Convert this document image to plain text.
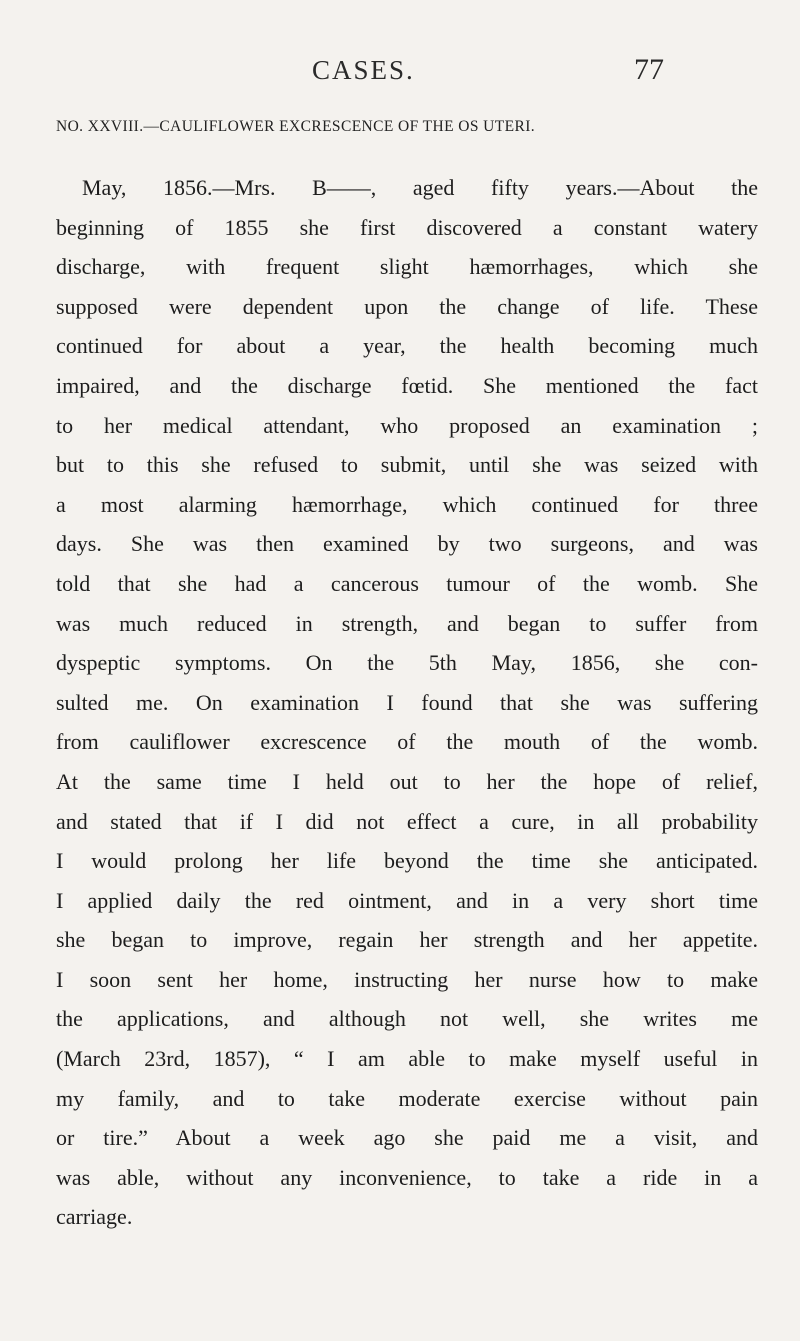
CASES.	77
NO. XXVIII.—CAULIFLOWER EXCRESCENCE OF THE OS UTERI.
May, 1856.—Mrs. B——, aged fifty years.—About the
beginning of 1855 she first discovered a constant watery
discharge, with frequent slight hæmorrhages, which she
supposed were dependent upon the change of life. These
continued for about a year, the health becoming much
impaired, and the discharge fœtid. She mentioned the fact
to her medical attendant, who proposed an examination ;
but to this she refused to submit, until she was seized with
a most alarming hæmorrhage, which continued for three
days. She was then examined by two surgeons, and was
told that she had a cancerous tumour of the womb. She
was much reduced in strength, and began to suffer from
dyspeptic symptoms. On the 5th May, 1856, she con-
sulted me. On examination I found that she was suffering
from cauliflower excrescence of the mouth of the womb.
At the same time I held out to her the hope of relief,
and stated that if I did not effect a cure, in all probability
I would prolong her life beyond the time she anticipated.
I applied daily the red ointment, and in a very short time
she began to improve, regain her strength and her appetite.
I soon sent her home, instructing her nurse how to make
the applications, and although not well, she writes me
(March 23rd, 1857), “ I am able to make myself useful in
my family, and to take moderate exercise without pain
or tire.” About a week ago she paid me a visit, and
was able, without any inconvenience, to take a ride in a
carriage.
